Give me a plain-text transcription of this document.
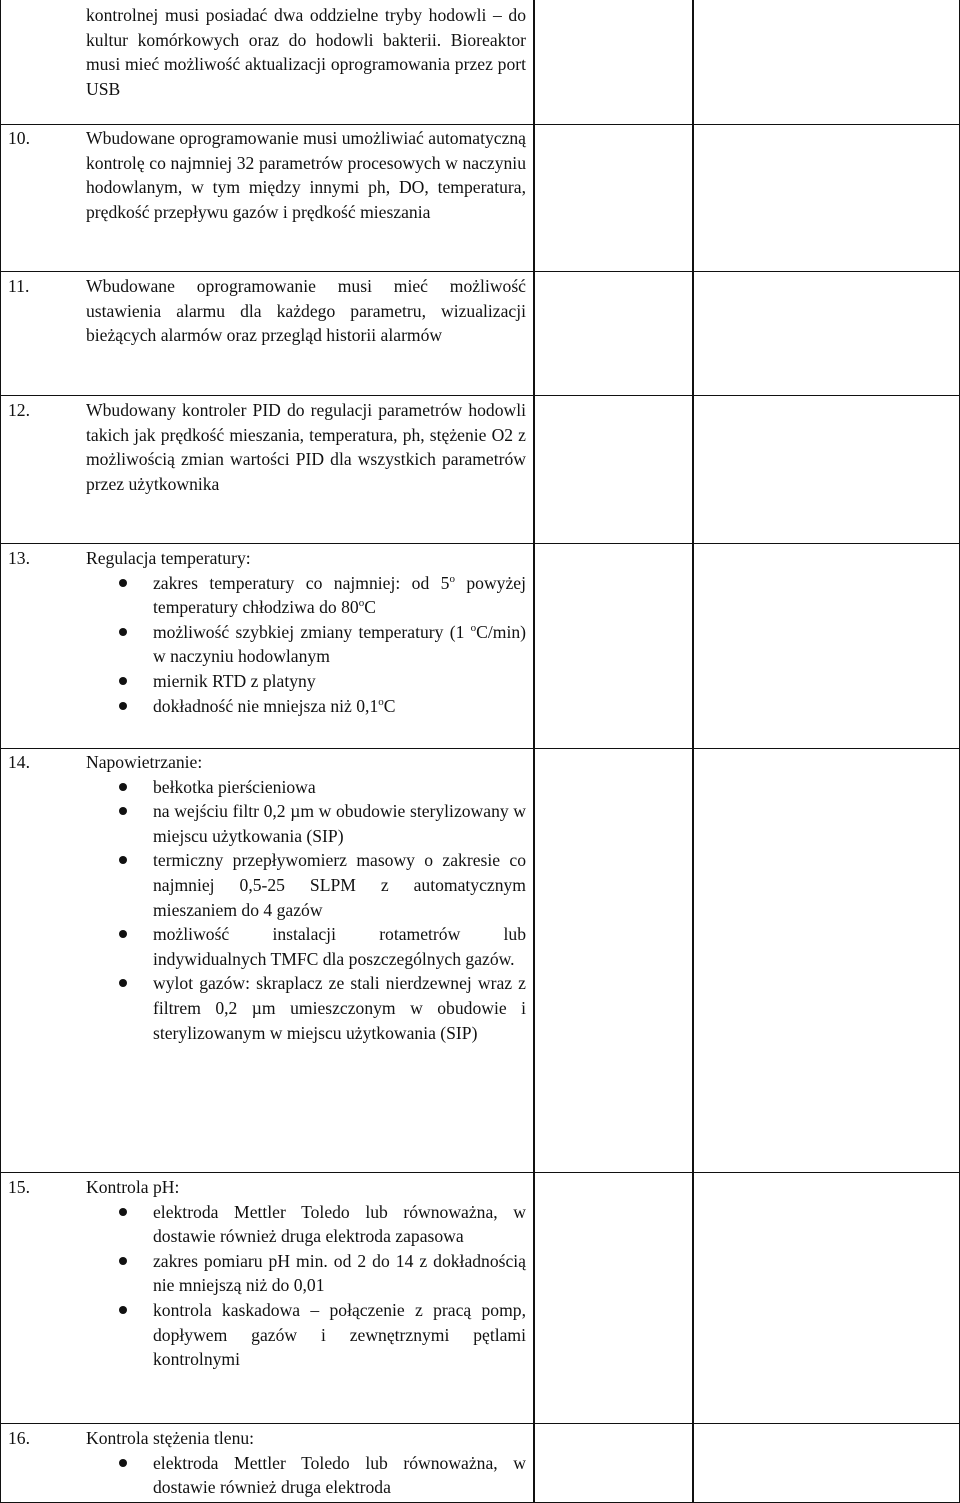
kontrolnej musi posiadać dwa oddzielne tryby hodowli – do kultur komórkowych oraz do hodowli bakterii. Bioreaktor musi mieć możliwość aktualizacji oprogramowania przez port USB
10.	Wbudowane oprogramowanie musi umożliwiać automatyczną kontrolę co najmniej 32 parametrów procesowych w naczyniu hodowlanym, w tym między innymi ph, DO, temperatura, prędkość przepływu gazów i prędkość mieszania
11.	Wbudowane oprogramowanie musi mieć możliwość ustawienia alarmu dla każdego parametru, wizualizacji bieżących alarmów oraz przegląd historii alarmów
12.	Wbudowany kontroler PID do regulacji parametrów hodowli takich jak prędkość mieszania, temperatura, ph, stężenie O2 z możliwością zmian wartości PID dla wszystkich parametrów przez użytkownika
13.	Regulacja temperatury:
zakres temperatury co najmniej: od 5$^o$ powyżej temperatury chłodziwa do 80$^o$C
możliwość szybkiej zmiany temperatury (1 $^o$C/min) w naczyniu hodowlanym
miernik RTD z platyny
dokładność nie mniejsza niż 0,1$^o$C
14.	Napowietrzanie:
bełkotka pierścieniowa
na wejściu filtr 0,2 µm w obudowie sterylizowany w miejscu użytkowania (SIP)
termiczny przepływomierz masowy o zakresie co najmniej 0,5-25 SLPM z automatycznym mieszaniem do 4 gazów
możliwość instalacji rotametrów lub indywidualnych TMFC dla poszczególnych gazów.
wylot gazów: skraplacz ze stali nierdzewnej wraz z filtrem 0,2 µm umieszczonym w obudowie i sterylizowanym w miejscu użytkowania (SIP)
15.	Kontrola pH:
elektroda Mettler Toledo lub równoważna, w dostawie również druga elektroda zapasowa
zakres pomiaru pH min. od 2 do 14 z dokładnością nie mniejszą niż do 0,01
kontrola kaskadowa – połączenie z pracą pomp, dopływem gazów i zewnętrznymi pętlami kontrolnymi
16.	Kontrola stężenia tlenu:
elektroda Mettler Toledo lub równoważna, w dostawie również druga elektroda
